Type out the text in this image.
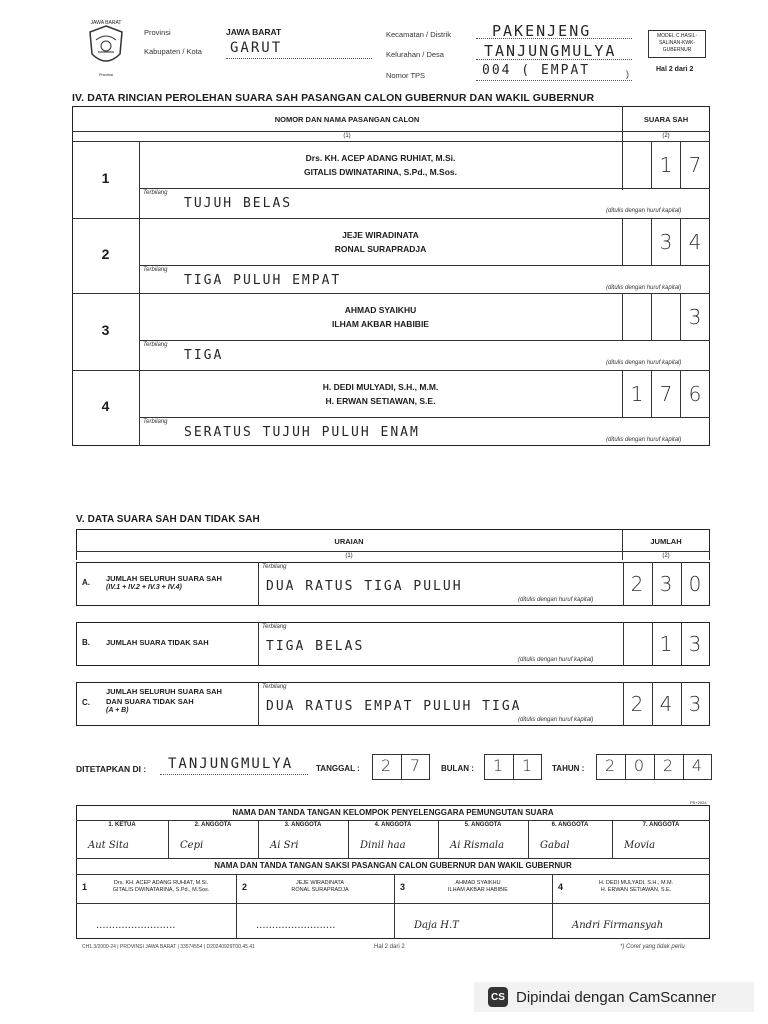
JAWA BARAT
Provinsi
Provinsi	JAWA BARAT
Kabupaten / Kota GARUT
Kecamatan / Distrik	PAKENJENG
Kelurahan / Desa	TANJUNGMULYA
Nomor TPS	004 ( EMPAT	)
MODEL C.HASIL-SALINAN-KWK-GUBERNUR
Hal 2 dari 2
IV. DATA RINCIAN PEROLEHAN SUARA SAH PASANGAN CALON GUBERNUR DAN WAKIL GUBERNUR
NOMOR DAN NAMA PASANGAN CALON	SUARA SAH
(1)	(2)
1
Drs. KH. ACEP ADANG RUHIAT, M.Si.
GITALIS DWINATARINA, S.Pd., M.Sos.
Terbilang
TUJUH BELAS	(ditulis dengan huruf kapital)
1 7
2
JEJE WIRADINATA
RONAL SURAPRADJA
Terbilang
TIGA PULUH EMPAT	(ditulis dengan huruf kapital)
3 4
3
AHMAD SYAIKHU
ILHAM AKBAR HABIBIE
Terbilang
TIGA	(ditulis dengan huruf kapital)
3
4
H. DEDI MULYADI, S.H., M.M.
H. ERWAN SETIAWAN, S.E.
Terbilang
SERATUS TUJUH PULUH ENAM	(ditulis dengan huruf kapital)
1 7 6
V. DATA SUARA SAH DAN TIDAK SAH
URAIAN	JUMLAH
(1)	(2)
A. JUMLAH SELURUH SUARA SAH
(IV.1 + IV.2 + IV.3 + IV.4)
Terbilang
DUA RATUS TIGA PULUH
(ditulis dengan huruf kapital)
2 3 0
B. JUMLAH SUARA TIDAK SAH
Terbilang
TIGA BELAS
(ditulis dengan huruf kapital)
1 3
C.
JUMLAH SELURUH SUARA SAH
DAN SUARA TIDAK SAH
(A + B)
Terbilang
DUA RATUS EMPAT PULUH TIGA
(ditulis dengan huruf kapital)
2 4 3
DITETAPKAN DI : TANJUNGMULYA	TANGGAL :	2	7	BULAN :	1	1	TAHUN :	2	0	2	4
PS+2024
NAMA DAN TANDA TANGAN KELOMPOK PENYELENGGARA PEMUNGUTAN SUARA
1. KETUA
Aut Sita
2. ANGGOTA
Cepi
3. ANGGOTA
Ai Sri
4. ANGGOTA
Dinil haa
5. ANGGOTA
Ai Rismala
6. ANGGOTA
Gabal
7. ANGGOTA
Movia
NAMA DAN TANDA TANGAN SAKSI PASANGAN CALON GUBERNUR DAN WAKIL GUBERNUR
1	Drs. KH. ACEP ADANG RUHIAT, M.Si.
GITALIS DWINATARINA, S.Pd., M.Sos.
.........................
2	JEJE WIRADINATA
RONAL SURAPRADJA
.........................
3	AHMAD SYAIKHU
ILHAM AKBAR HABIBIE
Daja H.T
4	H. DEDI MULYADI, S.H., M.M.
H. ERWAN SETIAWAN, S.E.
Andri Firmansyah
CH1.3/2000-24 | PROVINSI JAWA BARAT | 33574554 | D20240929T00.45.41	Hal 2 dari 2	*) Coret yang tidak perlu
CS Dipindai dengan CamScanner
